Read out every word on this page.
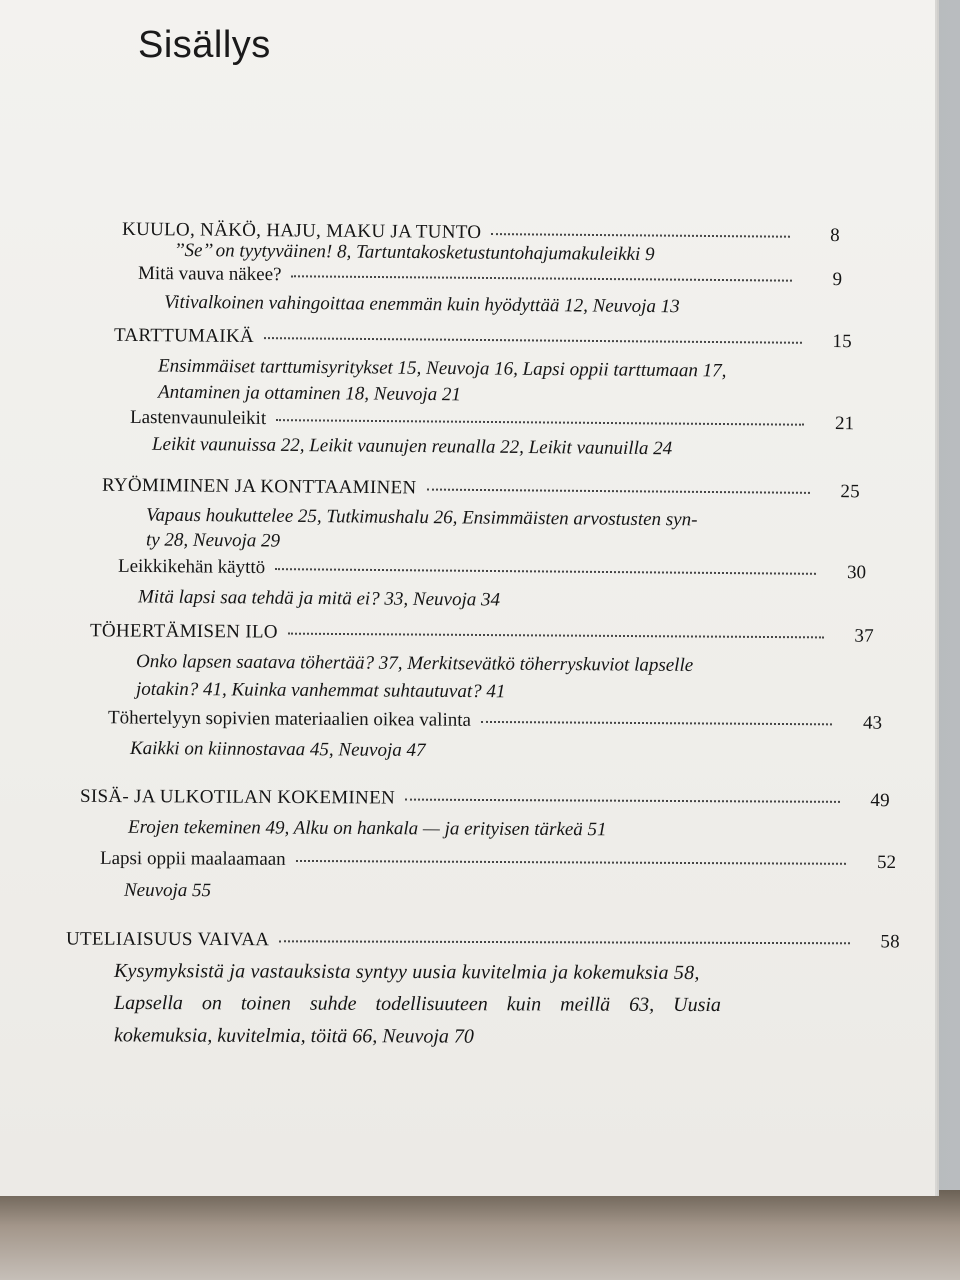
Sisällys
KUULO, NÄKÖ, HAJU, MAKU JA TUNTO	8
’’Se’’ on tyytyväinen! 8, Tartuntakosketustuntohajumakuleikki 9
Mitä vauva näkee?	9
Vitivalkoinen vahingoittaa enemmän kuin hyödyttää 12, Neuvoja 13
TARTTUMAIKÄ	15
Ensimmäiset tarttumisyritykset 15, Neuvoja 16, Lapsi oppii tarttumaan 17,
Antaminen ja ottaminen 18, Neuvoja 21
Lastenvaunuleikit	21
Leikit vaunuissa 22, Leikit vaunujen reunalla 22, Leikit vaunuilla 24
RYÖMIMINEN JA KONTTAAMINEN	25
Vapaus houkuttelee 25, Tutkimushalu 26, Ensimmäisten arvostusten syn-
ty 28, Neuvoja 29
Leikkikehän käyttö	30
Mitä lapsi saa tehdä ja mitä ei? 33, Neuvoja 34
TÖHERTÄMISEN ILO	37
Onko lapsen saatava töhertää? 37, Merkitsevätkö töherryskuviot lapselle
jotakin? 41, Kuinka vanhemmat suhtautuvat? 41
Töhertelyyn sopivien materiaalien oikea valinta	43
Kaikki on kiinnostavaa 45, Neuvoja 47
SISÄ- JA ULKOTILAN KOKEMINEN	49
Erojen tekeminen 49, Alku on hankala — ja erityisen tärkeä 51
Lapsi oppii maalaamaan	52
Neuvoja 55
UTELIAISUUS VAIVAA	58
Kysymyksistä ja vastauksista syntyy uusia kuvitelmia ja kokemuksia 58,
Lapsella on toinen suhde todellisuuteen kuin meillä 63, Uusia
kokemuksia, kuvitelmia, töitä 66, Neuvoja 70
